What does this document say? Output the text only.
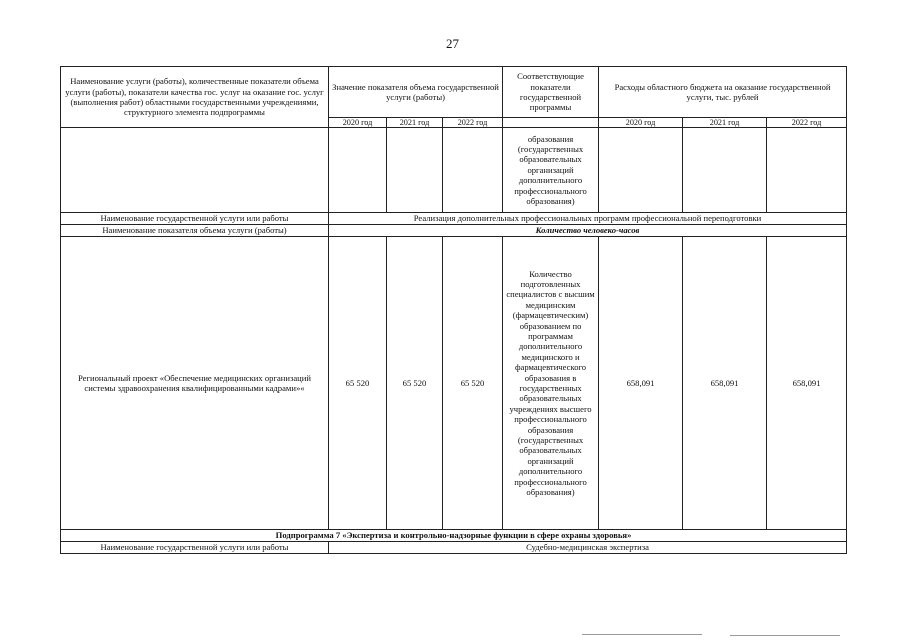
27
Наименование услуги (работы), количественные показатели объема услуги (работы), показатели качества гос. услуг на оказание гос. услуг (выполнения работ) областными государственными учреждениями, структурного элемента подпрограммы	Значение показателя объема государственной услуги (работы)			Соответствующие показатели государственной программы	Расходы областного бюджета на оказание государственной услуги, тыс. рублей		
	2020 год	2021 год	2022 год		2020 год	2021 год	2022 год
				образования (государственных образовательных организаций дополнительного профессионального образования)			
Наименование государственной услуги или работы	Реализация дополнительных профессиональных программ профессиональной переподготовки						
Наименование показателя объема услуги (работы)	Количество человеко-часов						
Региональный проект «Обеспечение медицинских организаций системы здравоохранения квалифицированными кадрами»«	65 520	65 520	65 520	Количество подготовленных специалистов с высшим медицинским (фармацевтическим) образованием по программам дополнительного медицинского и фармацевтического образования в государственных образовательных учреждениях высшего профессионального образования (государственных образовательных организаций дополнительного профессионального образования)	658,091	658,091	658,091
Подпрограмма 7 «Экспертиза и контрольно-надзорные функции в сфере охраны здоровья»							
Наименование государственной услуги или работы	Судебно-медицинская экспертиза						
